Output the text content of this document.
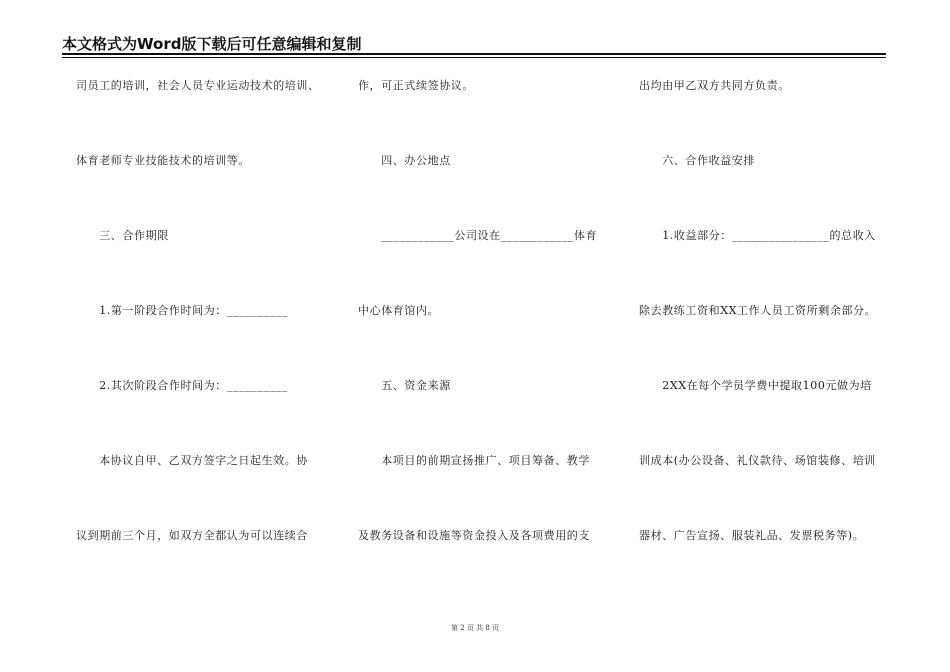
本文格式为Word版下载后可任意编辑和复制
司员工的培训，社会人员专业运动技术的培训、
体育老师专业技能技术的培训等。
　　三、合作期限
　　1.第一阶段合作时间为：__________
　　2.其次阶段合作时间为：__________
　　本协议自甲、乙双方签字之日起生效。协
议到期前三个月，如双方全都认为可以连续合
作，可正式续签协议。
　　四、办公地点
　　____________公司设在____________体育
中心体育馆内。
　　五、资金来源
　　本项目的前期宣扬推广、项目筹备、教学
及教务设备和设施等资金投入及各项费用的支
出均由甲乙双方共同方负责。
　　六、合作收益安排
　　1.收益部分：________________的总收入
除去教练工资和XX工作人员工资所剩余部分。
　　2XX在每个学员学费中提取100元做为培
训成本(办公设备、礼仪款待、场馆装修、培训
器材、广告宣扬、服装礼品、发票税务等)。
第 2 页 共 8 页
